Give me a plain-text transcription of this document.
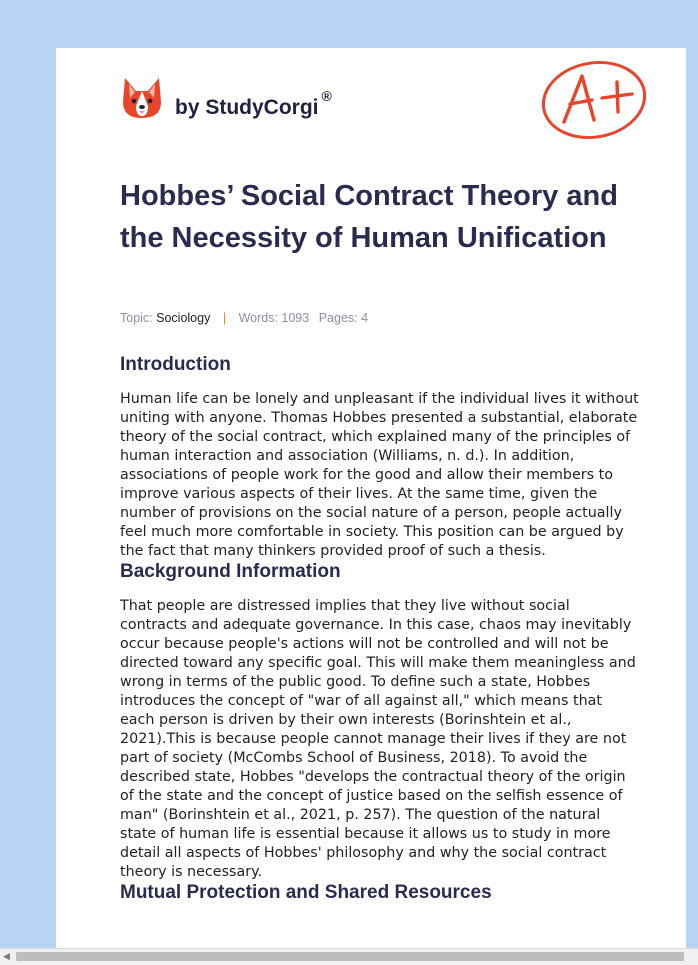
by StudyCorgi ®
Hobbes’ Social Contract Theory and the Necessity of Human Unification
Topic: Sociology | Words: 1093 Pages: 4
Introduction

Human life can be lonely and unpleasant if the individual lives it without uniting with anyone. Thomas Hobbes presented a substantial, elaborate theory of the social contract, which explained many of the principles of human interaction and association (Williams, n. d.). In addition, associations of people work for the good and allow their members to improve various aspects of their lives. At the same time, given the number of provisions on the social nature of a person, people actually feel much more comfortable in society. This position can be argued by the fact that many thinkers provided proof of such a thesis.

Background Information

That people are distressed implies that they live without social contracts and adequate governance. In this case, chaos may inevitably occur because people's actions will not be controlled and will not be directed toward any specific goal. This will make them meaningless and wrong in terms of the public good. To define such a state, Hobbes introduces the concept of "war of all against all," which means that each person is driven by their own interests (Borinshtein et al., 2021).This is because people cannot manage their lives if they are not part of society (McCombs School of Business, 2018). To avoid the described state, Hobbes "develops the contractual theory of the origin of the state and the concept of justice based on the selfish essence of man" (Borinshtein et al., 2021, p. 257). The question of the natural state of human life is essential because it allows us to study in more detail all aspects of Hobbes' philosophy and why the social contract theory is necessary.

Mutual Protection and Shared Resources
◀
